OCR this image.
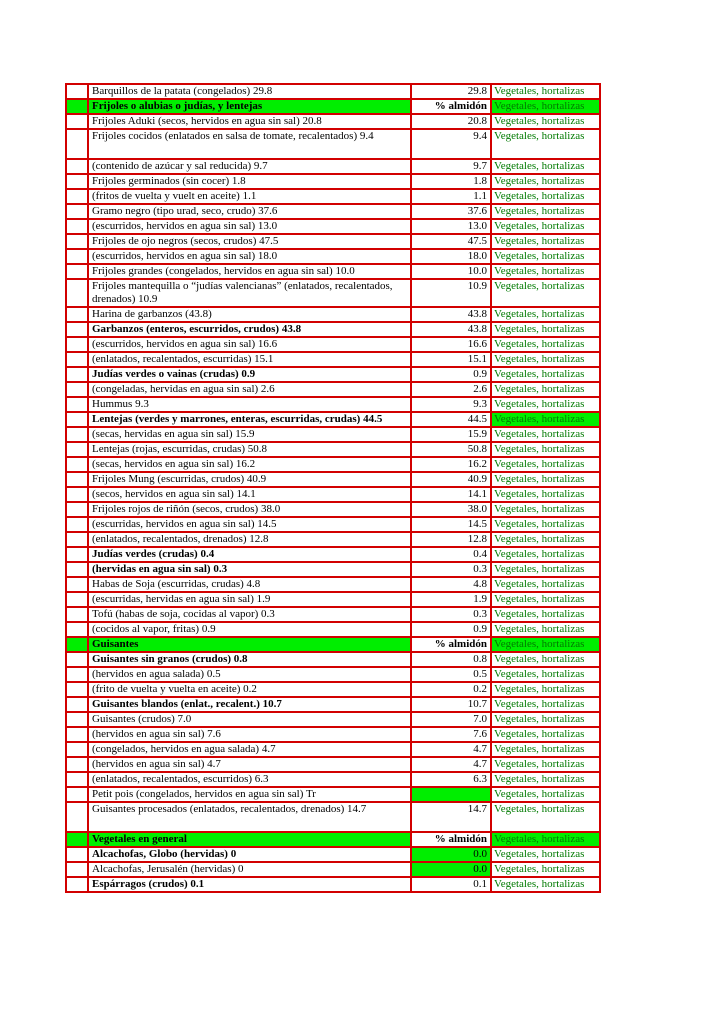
	Barquillos de la patata (congelados) 29.8	29.8	Vegetales, hortalizas
	Frijoles o alubias o judías, y lentejas	% almidón	Vegetales, hortalizas
	Frijoles Aduki (secos, hervidos en agua sin sal) 20.8	20.8	Vegetales, hortalizas
	Frijoles cocidos (enlatados en salsa de tomate, recalentados) 9.4	9.4	Vegetales, hortalizas
	(contenido de azúcar y sal reducida) 9.7	9.7	Vegetales, hortalizas
	Frijoles germinados (sin cocer) 1.8	1.8	Vegetales, hortalizas
	(fritos de vuelta y vuelt en aceite) 1.1	1.1	Vegetales, hortalizas
	Gramo negro (tipo urad, seco, crudo) 37.6	37.6	Vegetales, hortalizas
	(escurridos, hervidos en agua sin sal) 13.0	13.0	Vegetales, hortalizas
	Frijoles de ojo negros (secos, crudos) 47.5	47.5	Vegetales, hortalizas
	(escurridos, hervidos en agua sin sal) 18.0	18.0	Vegetales, hortalizas
	Frijoles grandes (congelados, hervidos en agua sin sal) 10.0	10.0	Vegetales, hortalizas
	Frijoles mantequilla o “judías valencianas” (enlatados, recalentados, drenados) 10.9	10.9	Vegetales, hortalizas
	Harina de garbanzos (43.8)	43.8	Vegetales, hortalizas
	Garbanzos (enteros, escurridos, crudos) 43.8	43.8	Vegetales, hortalizas
	(escurridos, hervidos en agua sin sal) 16.6	16.6	Vegetales, hortalizas
	(enlatados, recalentados, escurridas) 15.1	15.1	Vegetales, hortalizas
	Judías verdes o vainas (crudas) 0.9	0.9	Vegetales, hortalizas
	(congeladas, hervidas en agua sin sal) 2.6	2.6	Vegetales, hortalizas
	Hummus 9.3	9.3	Vegetales, hortalizas
	Lentejas (verdes y marrones, enteras, escurridas, crudas) 44.5	44.5	Vegetales, hortalizas
	(secas, hervidas en agua sin sal) 15.9	15.9	Vegetales, hortalizas
	Lentejas (rojas, escurridas, crudas) 50.8	50.8	Vegetales, hortalizas
	(secas, hervidos en agua sin sal) 16.2	16.2	Vegetales, hortalizas
	Frijoles Mung (escurridas, crudos) 40.9	40.9	Vegetales, hortalizas
	(secos, hervidos en agua sin sal) 14.1	14.1	Vegetales, hortalizas
	Frijoles rojos de riñón (secos, crudos) 38.0	38.0	Vegetales, hortalizas
	(escurridas, hervidos en agua sin sal) 14.5	14.5	Vegetales, hortalizas
	(enlatados, recalentados, drenados) 12.8	12.8	Vegetales, hortalizas
	Judías verdes (crudas) 0.4	0.4	Vegetales, hortalizas
	(hervidas en agua sin sal) 0.3	0.3	Vegetales, hortalizas
	Habas de Soja (escurridas, crudas) 4.8	4.8	Vegetales, hortalizas
	(escurridas, hervidas en agua sin sal) 1.9	1.9	Vegetales, hortalizas
	Tofú (habas de soja, cocidas al vapor) 0.3	0.3	Vegetales, hortalizas
	(cocidos al vapor, fritas) 0.9	0.9	Vegetales, hortalizas
	Guisantes	% almidón	Vegetales, hortalizas
	Guisantes sin granos (crudos) 0.8	0.8	Vegetales, hortalizas
	(hervidos en agua salada) 0.5	0.5	Vegetales, hortalizas
	(frito de vuelta y vuelta en aceite) 0.2	0.2	Vegetales, hortalizas
	Guisantes blandos (enlat., recalent.) 10.7	10.7	Vegetales, hortalizas
	Guisantes (crudos) 7.0	7.0	Vegetales, hortalizas
	(hervidos en agua sin sal) 7.6	7.6	Vegetales, hortalizas
	(congelados, hervidos en agua salada) 4.7	4.7	Vegetales, hortalizas
	(hervidos en agua sin sal) 4.7	4.7	Vegetales, hortalizas
	(enlatados, recalentados, escurridos) 6.3	6.3	Vegetales, hortalizas
	Petit pois (congelados, hervidos en agua sin sal) Tr		Vegetales, hortalizas
	Guisantes procesados (enlatados, recalentados, drenados) 14.7	14.7	Vegetales, hortalizas
	Vegetales en general	% almidón	Vegetales, hortalizas
	Alcachofas, Globo (hervidas) 0	0.0	Vegetales, hortalizas
	Alcachofas, Jerusalén (hervidas) 0	0.0	Vegetales, hortalizas
	Espárragos (crudos) 0.1	0.1	Vegetales, hortalizas
